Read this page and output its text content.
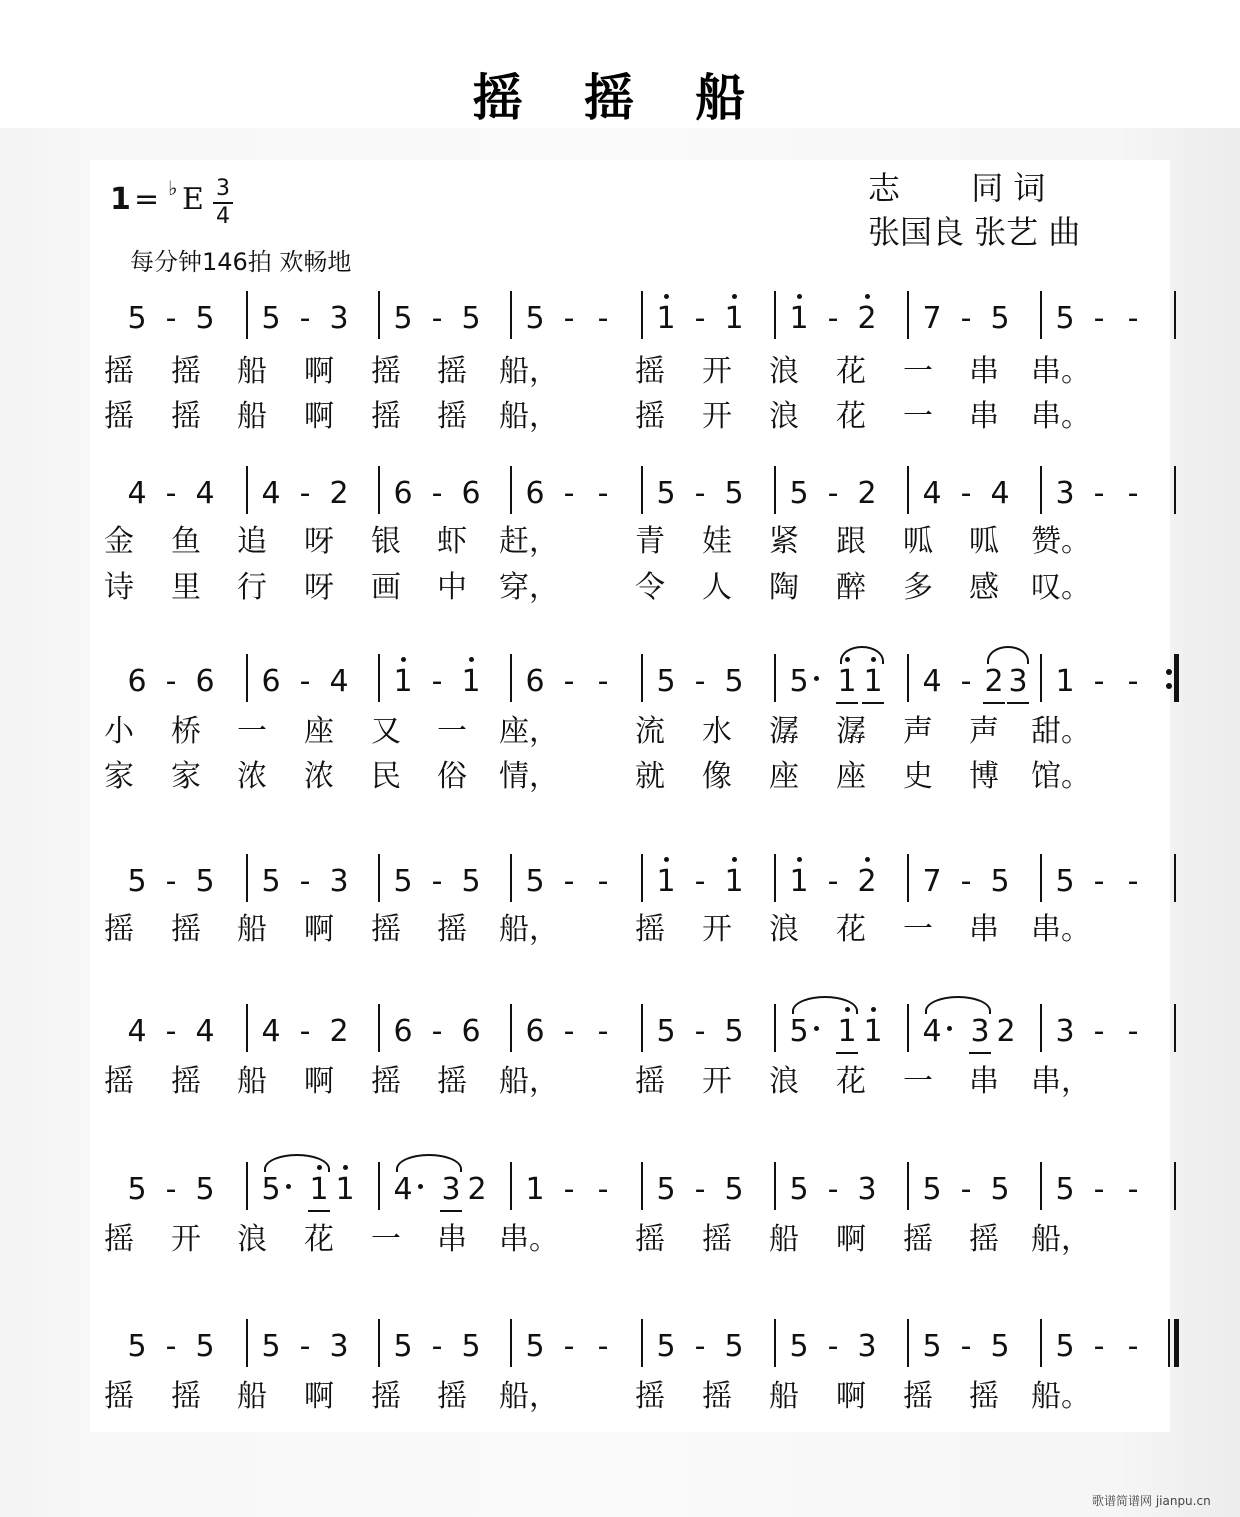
摇 摇 船
1 = ♭ E 3
4
每分钟146拍 欢畅地
志       同 词
张国良 张艺 曲
5 - 5 5 - 3 5 - 5 5 - - 1 - 1 1 - 2 7 - 5 5 - -
摇 摇 船 啊 摇 摇 船，	摇 开 浪 花 一 串 串。
摇 摇 船 啊 摇 摇 船，	摇 开 浪 花 一 串 串。
4 - 4 4 - 2 6 - 6 6 - - 5 - 5 5 - 2 4 - 4 3 - -
金 鱼 追 呀 银 虾 赶，	青 娃 紧 跟 呱 呱 赞。
诗 里 行 呀 画 中 穿，	令 人 陶 醉 多 感 叹。
6 - 6 6 - 4 1 - 1 6 - - 5 - 5 5 1 1 4 - 2 3 1 - -
小 桥 一 座 又 一 座，	流 水 潺 潺 声 声 甜。
家 家 浓 浓 民 俗 情，	就 像 座 座 史 博 馆。
5 - 5 5 - 3 5 - 5 5 - - 1 - 1 1 - 2 7 - 5 5 - -
摇 摇 船 啊 摇 摇 船，	摇 开 浪 花 一 串 串。
4 - 4 4 - 2 6 - 6 6 - - 5 - 5 5 1 1 4 3 2 3 - -
摇 摇 船 啊 摇 摇 船，	摇 开 浪 花 一 串 串，
5 - 5 5 1 1 4 3 2 1 - - 5 - 5 5 - 3 5 - 5 5 - -
摇 开 浪 花 一 串 串。	摇 摇 船 啊 摇 摇 船，
5 - 5 5 - 3 5 - 5 5 - - 5 - 5 5 - 3 5 - 5 5 - -
摇 摇 船 啊 摇 摇 船，	摇 摇 船 啊 摇 摇 船。
歌谱简谱网 jianpu.cn
